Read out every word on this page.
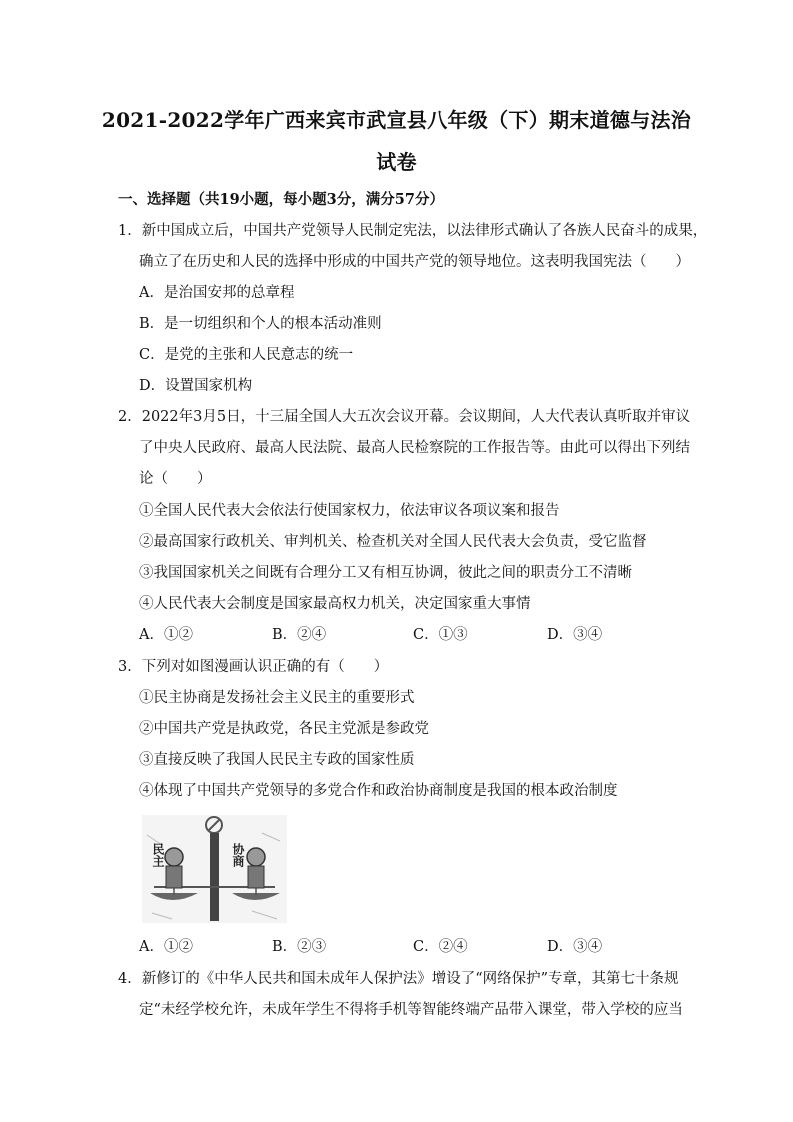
2021-2022学年广西来宾市武宣县八年级（下）期末道德与法治
试卷
一、选择题（共19小题，每小题3分，满分57分）
1．新中国成立后，中国共产党领导人民制定宪法，以法律形式确认了各族人民奋斗的成果，
确立了在历史和人民的选择中形成的中国共产党的领导地位。这表明我国宪法（　　）
A．是治国安邦的总章程
B．是一切组织和个人的根本活动准则
C．是党的主张和人民意志的统一
D．设置国家机构
2．2022年3月5日，十三届全国人大五次会议开幕。会议期间，人大代表认真听取并审议
了中央人民政府、最高人民法院、最高人民检察院的工作报告等。由此可以得出下列结
论（　　）
①全国人民代表大会依法行使国家权力，依法审议各项议案和报告
②最高国家行政机关、审判机关、检查机关对全国人民代表大会负责，受它监督
③我国国家机关之间既有合理分工又有相互协调，彼此之间的职责分工不清晰
④人民代表大会制度是国家最高权力机关，决定国家重大事情
A．①②	B．②④	C．①③	D．③④
3．下列对如图漫画认识正确的有（　　）
①民主协商是发扬社会主义民主的重要形式
②中国共产党是执政党，各民主党派是参政党
③直接反映了我国人民民主专政的国家性质
④体现了中国共产党领导的多党合作和政治协商制度是我国的根本政治制度
民主	协商
A．①②	B．②③	C．②④	D．③④
4．新修订的《中华人民共和国未成年人保护法》增设了“网络保护”专章，其第七十条规
定“未经学校允许，未成年学生不得将手机等智能终端产品带入课堂，带入学校的应当
